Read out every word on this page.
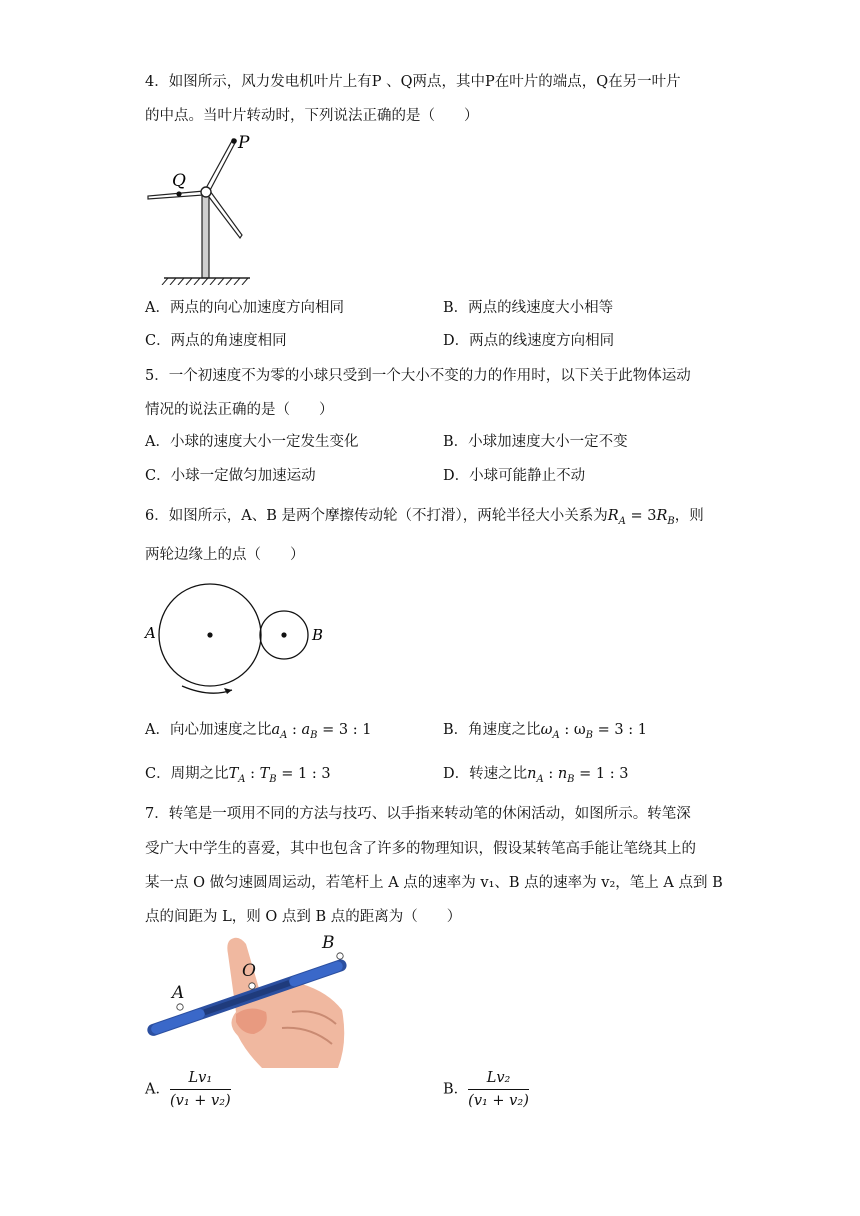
4．如图所示，风力发电机叶片上有P 、Q两点，其中P在叶片的端点，Q在另一叶片
的中点。当叶片转动时，下列说法正确的是（　　）
P
Q
A．两点的向心加速度方向相同	B．两点的线速度大小相等
C．两点的角速度相同	D．两点的线速度方向相同
5．一个初速度不为零的小球只受到一个大小不变的力的作用时，以下关于此物体运动
情况的说法正确的是（　　）
A．小球的速度大小一定发生变化	B．小球加速度大小一定不变
C．小球一定做匀加速运动	D．小球可能静止不动
6．如图所示，A、B 是两个摩擦传动轮（不打滑），两轮半径大小关系为$R_A = 3R_B$，则
两轮边缘上的点（　　）
A	B
A．向心加速度之比$a_A$ : $a_B = 3$ : 1	B．角速度之比$\omega_A$ : $\omega_B = 3$ : 1
C．周期之比$T_A$ : $T_B = 1$ : 3	D．转速之比$n_A$ : $n_B = 1$ : 3
7．转笔是一项用不同的方法与技巧、以手指来转动笔的休闲活动，如图所示。转笔深
受广大中学生的喜爱，其中也包含了许多的物理知识，假设某转笔高手能让笔绕其上的
某一点 O 做匀速圆周运动，若笔杆上 A 点的速率为 v₁、B 点的速率为 v₂，笔上 A 点到 B
点的间距为 L，则 O 点到 B 点的距离为（　　）
A
O
B
A． $\frac{\text{Lv₁}}{\text{(v₁ + v₂)}}$	B． $\frac{\text{Lv₂}}{\text{(v₁ + v₂)}}$
